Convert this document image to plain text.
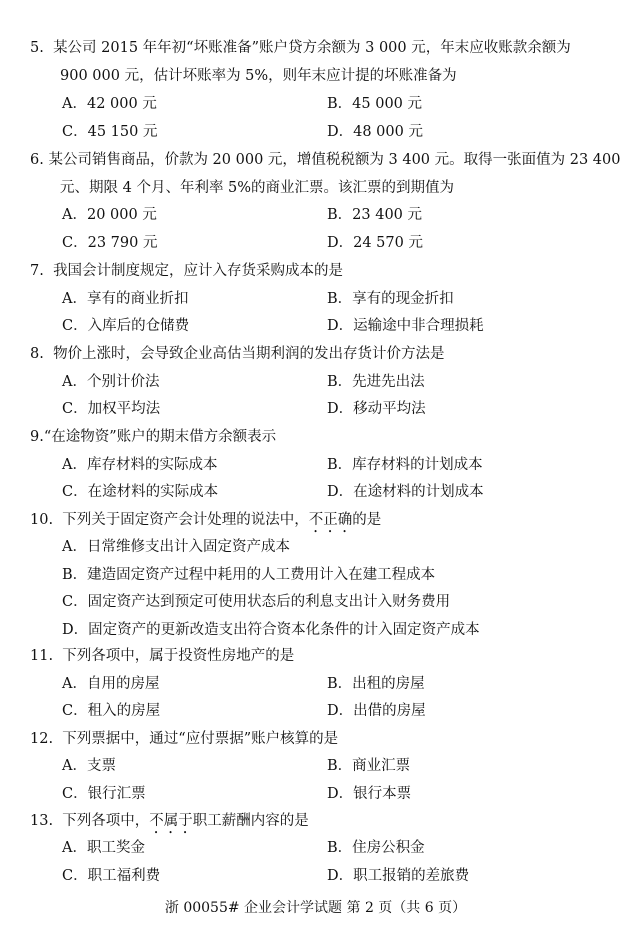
5. 某公司 2015 年年初“坏账准备”账户贷方余额为 3 000 元，年末应收账款余额为
900 000 元，估计坏账率为 5%，则年末应计提的坏账准备为
A．42 000 元	B．45 000 元
C．45 150 元	D．48 000 元
6. 某公司销售商品，价款为 20 000 元，增值税税额为 3 400 元。取得一张面值为 23 400
元、期限 4 个月、年利率 5%的商业汇票。该汇票的到期值为
A．20 000 元	B．23 400 元
C．23 790 元	D．24 570 元
7. 我国会计制度规定，应计入存货采购成本的是
A．享有的商业折扣	B．享有的现金折扣
C．入库后的仓储费	D．运输途中非合理损耗
8. 物价上涨时，会导致企业高估当期利润的发出存货计价方法是
A．个别计价法	B．先进先出法
C．加权平均法	D．移动平均法
9.“在途物资”账户的期末借方余额表示
A．库存材料的实际成本	B．库存材料的计划成本
C．在途材料的实际成本	D．在途材料的计划成本
10. 下列关于固定资产会计处理的说法中，不正确的是
A．日常维修支出计入固定资产成本
B．建造固定资产过程中耗用的人工费用计入在建工程成本
C．固定资产达到预定可使用状态后的利息支出计入财务费用
D．固定资产的更新改造支出符合资本化条件的计入固定资产成本
11. 下列各项中，属于投资性房地产的是
A．自用的房屋	B．出租的房屋
C．租入的房屋	D．出借的房屋
12. 下列票据中，通过“应付票据”账户核算的是
A．支票	B．商业汇票
C．银行汇票	D．银行本票
13. 下列各项中，不属于职工薪酬内容的是
A．职工奖金	B．住房公积金
C．职工福利费	D．职工报销的差旅费
浙 00055# 企业会计学试题 第 2 页（共 6 页）
